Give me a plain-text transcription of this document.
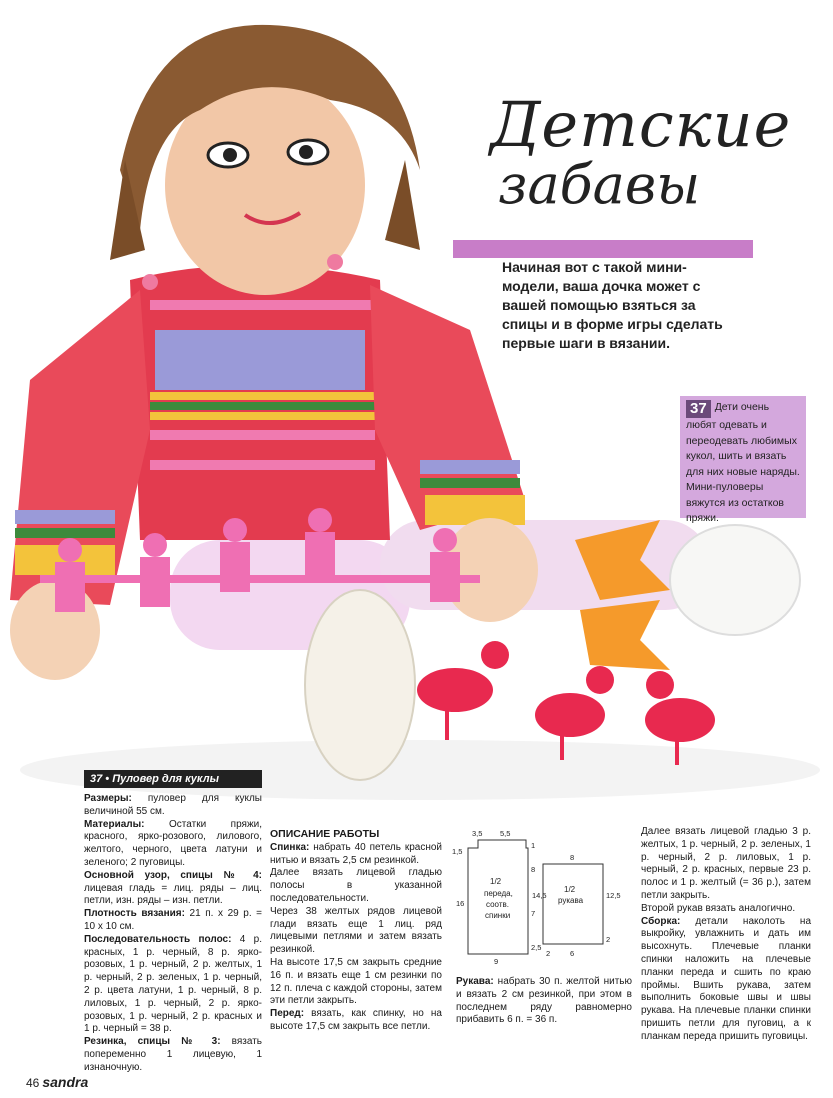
Детские
забавы
Начиная вот с такой мини-модели, ваша дочка может с вашей помощью взяться за спицы и в форме игры сделать первые шаги в вязании.
37 Дети очень любят одевать и переодевать любимых кукол, шить и вязать для них новые наряды. Мини-пуловеры вяжутся из остатков пряжи.
37 • Пуловер для куклы

Размеры: пуловер для куклы величиной 55 см.

Материалы: Остатки пряжи, красного, ярко-розового, лилового, желтого, черного, цвета латуни и зеленого; 2 пуговицы.

Основной узор, спицы № 4: лицевая гладь = лиц. ряды – лиц. петли, изн. ряды – изн. петли.

Плотность вязания: 21 п. х 29 р. = 10 х 10 см.

Последовательность полос: 4 р. красных, 1 р. черный, 8 р. ярко-розовых, 1 р. черный, 2 р. желтых, 1 р. черный, 2 р. зеленых, 1 р. черный, 2 р. цвета латуни, 1 р. черный, 8 р. лиловых, 1 р. черный, 2 р. ярко-розовых, 1 р. черный, 2 р. красных и 1 р. черный = 38 р.

Резинка, спицы № 3: вязать попеременно 1 лицевую, 1 изнаночную.

ОПИСАНИЕ РАБОТЫ

Спинка: набрать 40 петель красной нитью и вязать 2,5 см резинкой.

Далее вязать лицевой гладью полосы в указанной последовательности.

Через 38 желтых рядов лицевой глади вязать еще 1 лиц. ряд лицевыми петлями и затем вязать резинкой.

На высоте 17,5 см закрыть средние 16 п. и вязать еще 1 см резинки по 12 п. плеча с каждой стороны, затем эти петли закрыть.

Перед: вязать, как спинку, но на высоте 17,5 см закрыть все петли.

3,5 5,5
1,5
1
16
8
7
2,5
9
8
12,5
14,5
2
6
2
1/2
переда,
соотв.
спинки
1/2
рукава

Рукава: набрать 30 п. желтой нитью и вязать 2 см резинкой, при этом в последнем ряду равномерно прибавить 6 п. = 36 п.

Далее вязать лицевой гладью 3 р. желтых, 1 р. черный, 2 р. зеленых, 1 р. черный, 2 р. лиловых, 1 р. черный, 2 р. красных, первые 23 р. полос и 1 р. желтый (= 36 р.), затем петли закрыть.

Второй рукав вязать аналогично.

Сборка: детали наколоть на выкройку, увлажнить и дать им высохнуть. Плечевые планки спинки наложить на плечевые планки переда и сшить по краю проймы. Вшить рукава, затем выполнить боковые швы и швы рукава. На плечевые планки спинки пришить петли для пуговиц, а к планкам переда пришить пуговицы.

46 sandra
